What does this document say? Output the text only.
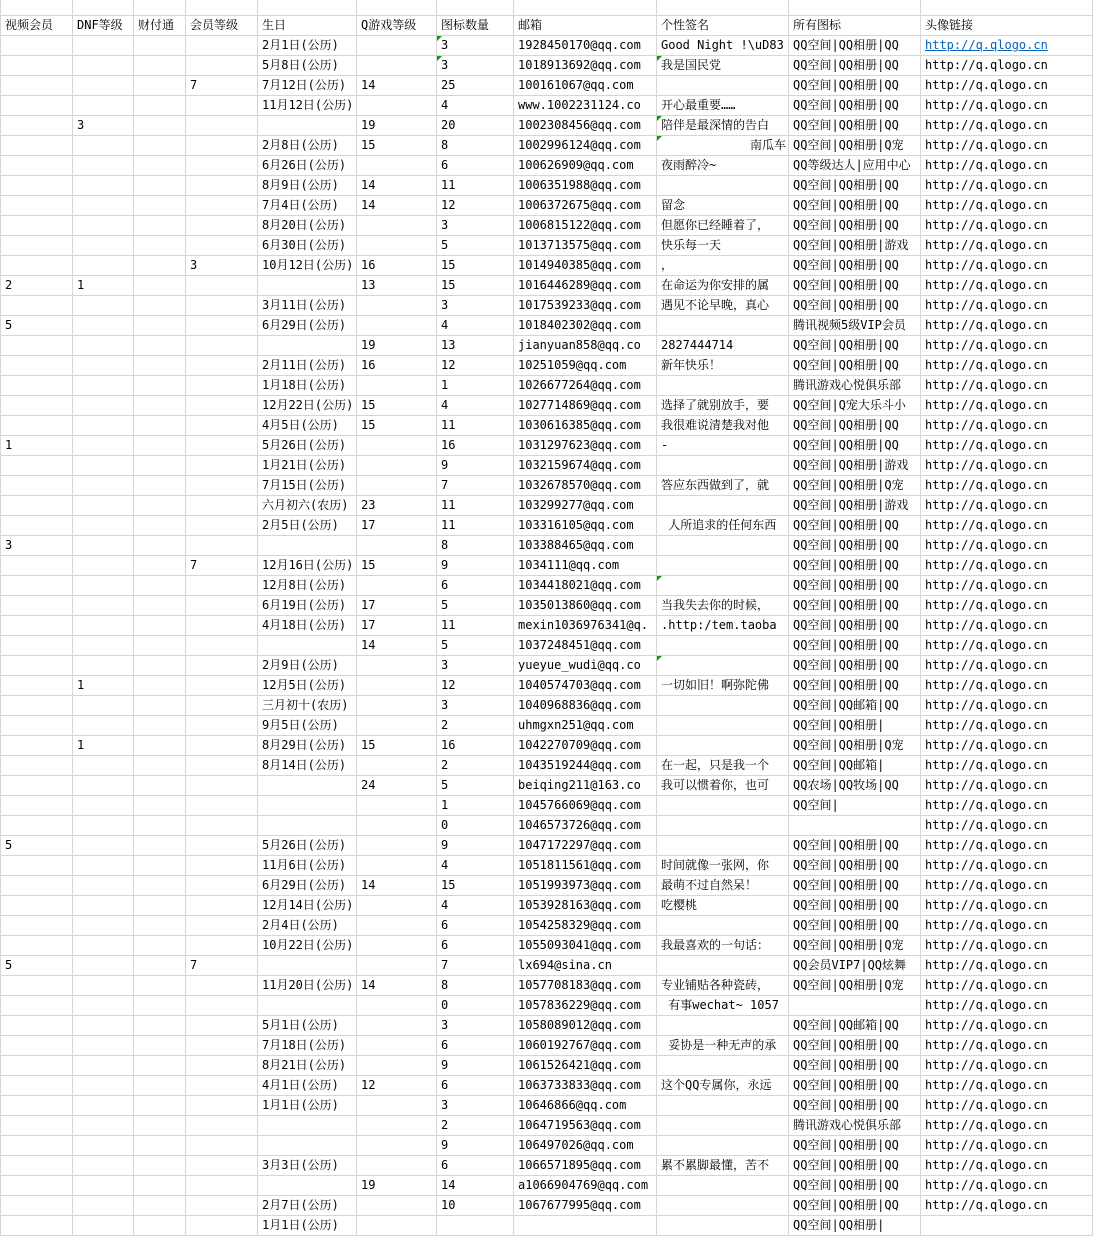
视频会员	DNF等级	财付通	会员等级	生日	Q游戏等级	图标数量	邮箱	个性签名	所有图标	头像链接
				2月1日(公历)		3	1928450170@qq.com	Good Night !\uD83	QQ空间|QQ相册|QQ	http://q.qlogo.cn
				5月8日(公历)		3	1018913692@qq.com	我是国民党	QQ空间|QQ相册|QQ	http://q.qlogo.cn
			7	7月12日(公历)	14	25	100161067@qq.com		QQ空间|QQ相册|QQ	http://q.qlogo.cn
				11月12日(公历)		4	www.1002231124.co	开心最重要……	QQ空间|QQ相册|QQ	http://q.qlogo.cn
	3				19	20	1002308456@qq.com	陪伴是最深情的告白	QQ空间|QQ相册|QQ	http://q.qlogo.cn
				2月8日(公历)	15	8	1002996124@qq.com	南瓜车	QQ空间|QQ相册|Q宠	http://q.qlogo.cn
				6月26日(公历)		6	100626909@qq.com	夜雨醉冷~	QQ等级达人|应用中心	http://q.qlogo.cn
				8月9日(公历)	14	11	1006351988@qq.com		QQ空间|QQ相册|QQ	http://q.qlogo.cn
				7月4日(公历)	14	12	1006372675@qq.com	留念	QQ空间|QQ相册|QQ	http://q.qlogo.cn
				8月20日(公历)		3	1006815122@qq.com	但愿你已经睡着了，	QQ空间|QQ相册|QQ	http://q.qlogo.cn
				6月30日(公历)		5	1013713575@qq.com	快乐每一天	QQ空间|QQ相册|游戏	http://q.qlogo.cn
			3	10月12日(公历)	16	15	1014940385@qq.com	，	QQ空间|QQ相册|QQ	http://q.qlogo.cn
2	1				13	15	1016446289@qq.com	在命运为你安排的属	QQ空间|QQ相册|QQ	http://q.qlogo.cn
				3月11日(公历)		3	1017539233@qq.com	遇见不论早晚，真心	QQ空间|QQ相册|QQ	http://q.qlogo.cn
5				6月29日(公历)		4	1018402302@qq.com		腾讯视频5级VIP会员	http://q.qlogo.cn
					19	13	jianyuan858@qq.co	2827444714	QQ空间|QQ相册|QQ	http://q.qlogo.cn
				2月11日(公历)	16	12	10251059@qq.com	新年快乐！	QQ空间|QQ相册|QQ	http://q.qlogo.cn
				1月18日(公历)		1	1026677264@qq.com		腾讯游戏心悦俱乐部	http://q.qlogo.cn
				12月22日(公历)	15	4	1027714869@qq.com	选择了就别放手，要	QQ空间|Q宠大乐斗小	http://q.qlogo.cn
				4月5日(公历)	15	11	1030616385@qq.com	我很难说清楚我对他	QQ空间|QQ相册|QQ	http://q.qlogo.cn
1				5月26日(公历)		16	1031297623@qq.com	-	QQ空间|QQ相册|QQ	http://q.qlogo.cn
				1月21日(公历)		9	1032159674@qq.com		QQ空间|QQ相册|游戏	http://q.qlogo.cn
				7月15日(公历)		7	1032678570@qq.com	答应东西做到了，就	QQ空间|QQ相册|Q宠	http://q.qlogo.cn
				六月初六(农历)	23	11	103299277@qq.com		QQ空间|QQ相册|游戏	http://q.qlogo.cn
				2月5日(公历)	17	11	103316105@qq.com	人所追求的任何东西	QQ空间|QQ相册|QQ	http://q.qlogo.cn
3						8	103388465@qq.com		QQ空间|QQ相册|QQ	http://q.qlogo.cn
			7	12月16日(公历)	15	9	1034111@qq.com		QQ空间|QQ相册|QQ	http://q.qlogo.cn
				12月8日(公历)		6	1034418021@qq.com		QQ空间|QQ相册|QQ	http://q.qlogo.cn
				6月19日(公历)	17	5	1035013860@qq.com	当我失去你的时候，	QQ空间|QQ相册|QQ	http://q.qlogo.cn
				4月18日(公历)	17	11	mexin1036976341@q.	.http:/tem.taoba	QQ空间|QQ相册|QQ	http://q.qlogo.cn
					14	5	1037248451@qq.com		QQ空间|QQ相册|QQ	http://q.qlogo.cn
				2月9日(公历)		3	yueyue_wudi@qq.co		QQ空间|QQ相册|QQ	http://q.qlogo.cn
	1			12月5日(公历)		12	1040574703@qq.com	一切如旧！啊弥陀佛	QQ空间|QQ相册|QQ	http://q.qlogo.cn
				三月初十(农历)		3	1040968836@qq.com		QQ空间|QQ邮箱|QQ	http://q.qlogo.cn
				9月5日(公历)		2	uhmgxn251@qq.com		QQ空间|QQ相册|	http://q.qlogo.cn
	1			8月29日(公历)	15	16	1042270709@qq.com		QQ空间|QQ相册|Q宠	http://q.qlogo.cn
				8月14日(公历)		2	1043519244@qq.com	在一起，只是我一个	QQ空间|QQ邮箱|	http://q.qlogo.cn
					24	5	beiqing211@163.co	我可以惯着你，也可	QQ农场|QQ牧场|QQ	http://q.qlogo.cn
						1	1045766069@qq.com		QQ空间|	http://q.qlogo.cn
						0	1046573726@qq.com			http://q.qlogo.cn
5				5月26日(公历)		9	1047172297@qq.com		QQ空间|QQ相册|QQ	http://q.qlogo.cn
				11月6日(公历)		4	1051811561@qq.com	时间就像一张网，你	QQ空间|QQ相册|QQ	http://q.qlogo.cn
				6月29日(公历)	14	15	1051993973@qq.com	最萌不过自然呆！	QQ空间|QQ相册|QQ	http://q.qlogo.cn
				12月14日(公历)		4	1053928163@qq.com	吃樱桃	QQ空间|QQ相册|QQ	http://q.qlogo.cn
				2月4日(公历)		6	1054258329@qq.com		QQ空间|QQ相册|QQ	http://q.qlogo.cn
				10月22日(公历)		6	1055093041@qq.com	我最喜欢的一句话：	QQ空间|QQ相册|Q宠	http://q.qlogo.cn
5			7			7	lx694@sina.cn		QQ会员VIP7|QQ炫舞	http://q.qlogo.cn
				11月20日(公历)	14	8	1057708183@qq.com	专业铺贴各种瓷砖，	QQ空间|QQ相册|Q宠	http://q.qlogo.cn
						0	1057836229@qq.com	有事wechat~ 1057		http://q.qlogo.cn
				5月1日(公历)		3	1058089012@qq.com		QQ空间|QQ邮箱|QQ	http://q.qlogo.cn
				7月18日(公历)		6	1060192767@qq.com	妥协是一种无声的承	QQ空间|QQ相册|QQ	http://q.qlogo.cn
				8月21日(公历)		9	1061526421@qq.com		QQ空间|QQ相册|QQ	http://q.qlogo.cn
				4月1日(公历)	12	6	1063733833@qq.com	这个QQ专属你，永远	QQ空间|QQ相册|QQ	http://q.qlogo.cn
				1月1日(公历)		3	10646866@qq.com		QQ空间|QQ相册|QQ	http://q.qlogo.cn
						2	1064719563@qq.com		腾讯游戏心悦俱乐部	http://q.qlogo.cn
						9	106497026@qq.com		QQ空间|QQ相册|QQ	http://q.qlogo.cn
				3月3日(公历)		6	1066571895@qq.com	累不累脚最懂，苦不	QQ空间|QQ相册|QQ	http://q.qlogo.cn
					19	14	a1066904769@qq.com		QQ空间|QQ相册|QQ	http://q.qlogo.cn
				2月7日(公历)		10	1067677995@qq.com		QQ空间|QQ相册|QQ	http://q.qlogo.cn
				1月1日(公历)					QQ空间|QQ相册|	
